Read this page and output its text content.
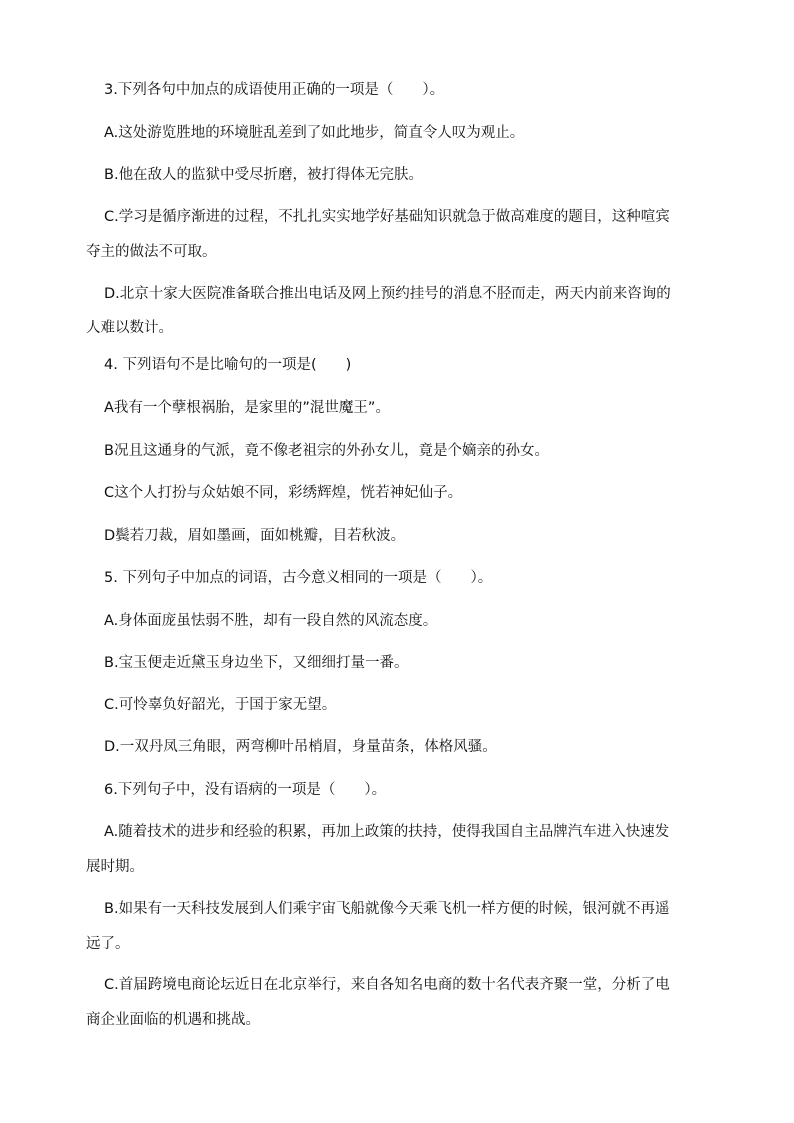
3.下列各句中加点的成语使用正确的一项是（　　）。
A.这处游览胜地的环境脏乱差到了如此地步，简直令人叹为观止。
B.他在敌人的监狱中受尽折磨，被打得体无完肤。
C.学习是循序渐进的过程，不扎扎实实地学好基础知识就急于做高难度的题目，这种喧宾
夺主的做法不可取。
D.北京十家大医院准备联合推出电话及网上预约挂号的消息不胫而走，两天内前来咨询的
人难以数计。
4. 下列语句不是比喻句的一项是(　　)
A我有一个孽根祸胎，是家里的”混世魔王”。
B况且这通身的气派，竟不像老祖宗的外孙女儿，竟是个嫡亲的孙女。
C这个人打扮与众姑娘不同，彩绣辉煌，恍若神妃仙子。
D鬓若刀裁，眉如墨画，面如桃瓣，目若秋波。
5. 下列句子中加点的词语，古今意义相同的一项是（　　）。
A.身体面庞虽怯弱不胜，却有一段自然的风流态度。
B.宝玉便走近黛玉身边坐下，又细细打量一番。
C.可怜辜负好韶光，于国于家无望。
D.一双丹凤三角眼，两弯柳叶吊梢眉，身量苗条，体格风骚。
6.下列句子中，没有语病的一项是（　　）。
A.随着技术的进步和经验的积累，再加上政策的扶持，使得我国自主品牌汽车进入快速发
展时期。
B.如果有一天科技发展到人们乘宇宙飞船就像今天乘飞机一样方便的时候，银河就不再遥
远了。
C.首届跨境电商论坛近日在北京举行，来自各知名电商的数十名代表齐聚一堂，分析了电
商企业面临的机遇和挑战。
